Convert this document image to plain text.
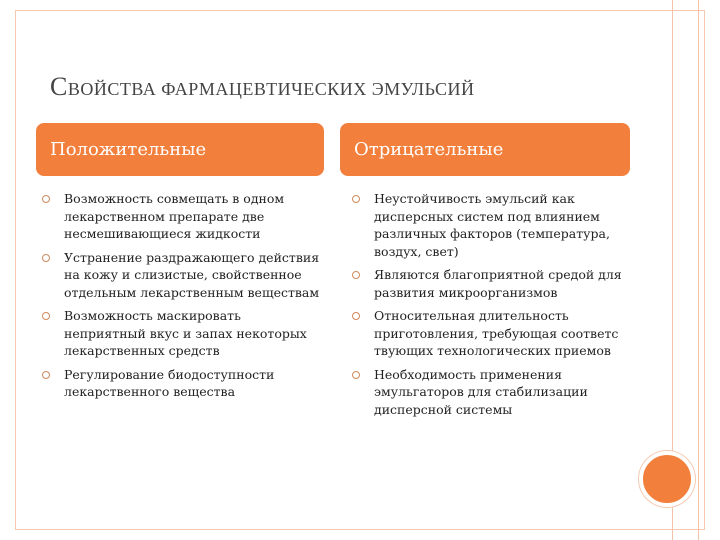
СВОЙСТВА ФАРМАЦЕВТИЧЕСКИХ ЭМУЛЬСИЙ
Положительные	Отрицательные
Возможность совмещать в одном лекарственном препарате две несмешивающиеся жидкости
Устранение раздражающего действия на кожу и слизистые, свойственное отдельным лекарственным веществам
Возможность маскировать неприятный вкус и запах некоторых лекарственных средств
Регулирование биодоступности лекарственного вещества
Неустойчивость эмульсий как дисперсных систем под влиянием различных факторов (температура, воздух, свет)
Являются благоприятной средой для развития микроорганизмов
Относительная длительность приготовления, требующая соответс твующих технологических приемов
Необходимость применения эмульгаторов для стабилизации дисперсной системы
